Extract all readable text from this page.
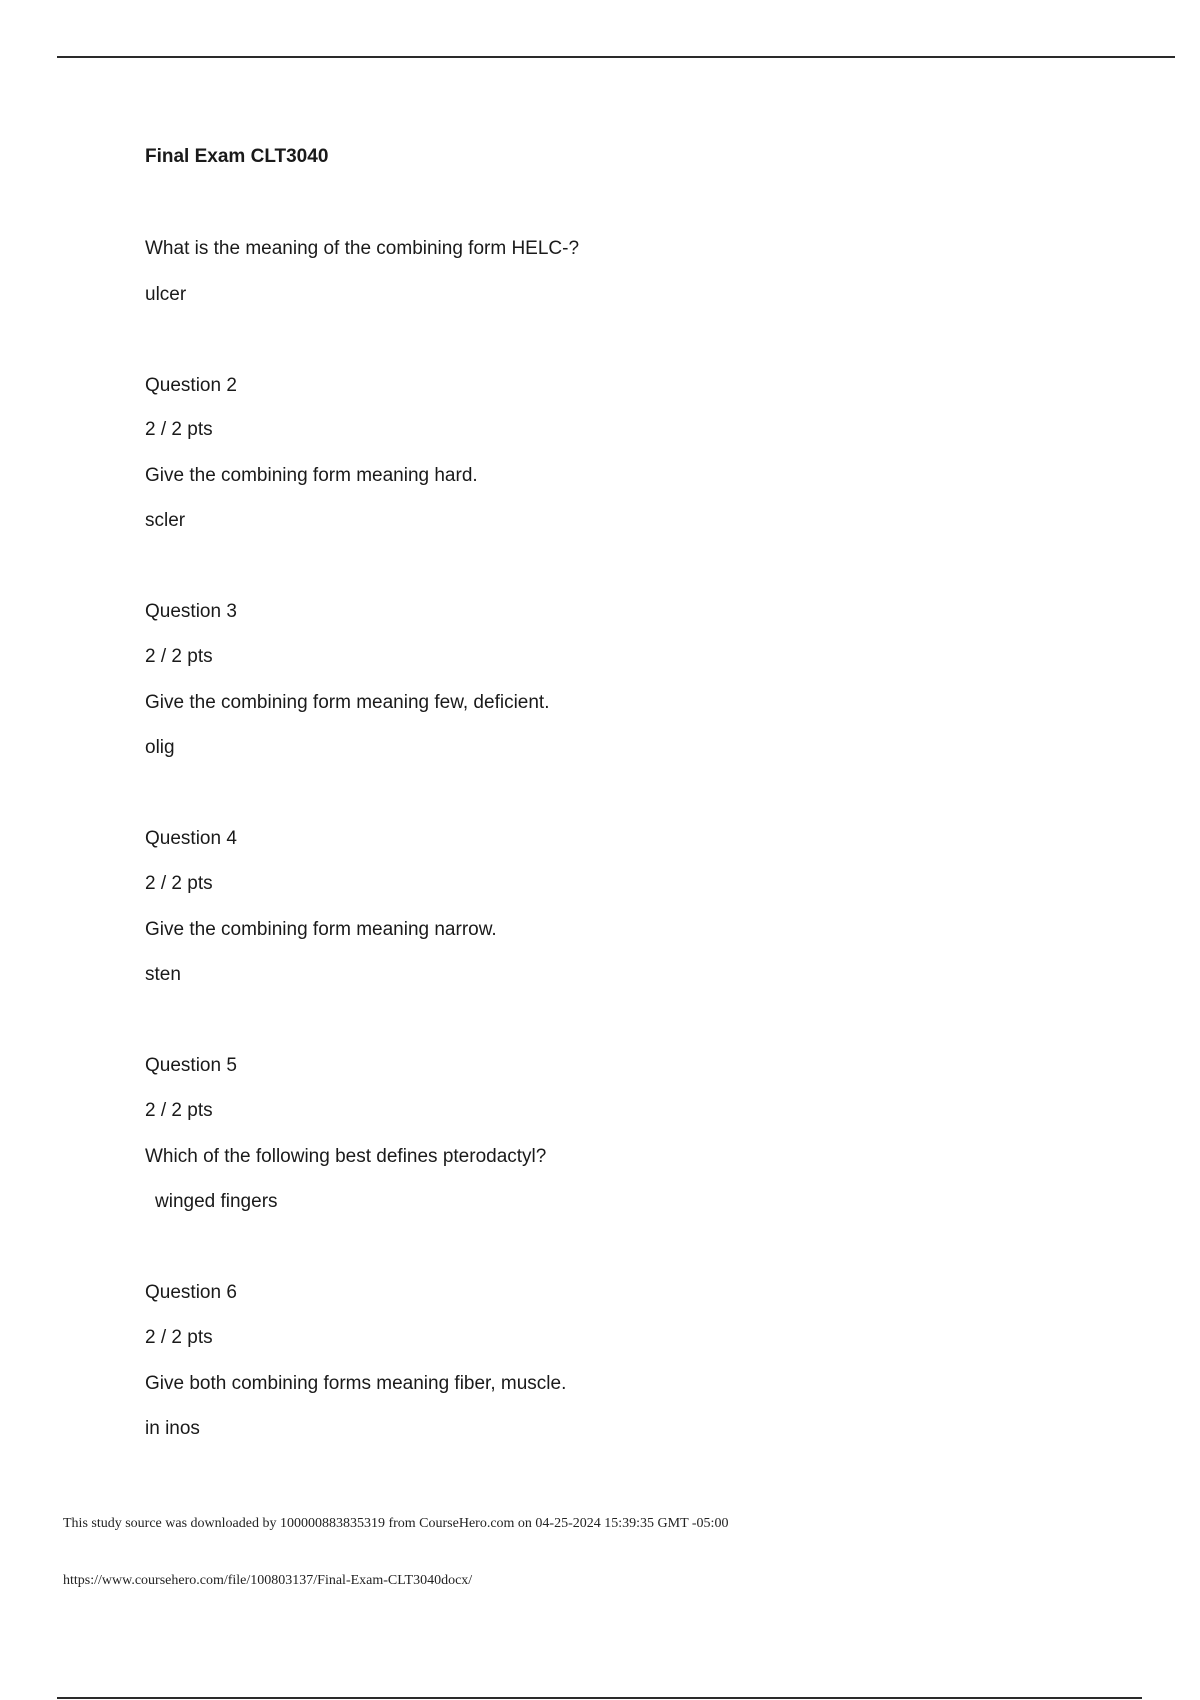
Final Exam CLT3040
What is the meaning of the combining form HELC-?
ulcer
Question 2
2 / 2 pts
Give the combining form meaning hard.
scler
Question 3
2 / 2 pts
Give the combining form meaning few, deficient.
olig
Question 4
2 / 2 pts
Give the combining form meaning narrow.
sten
Question 5
2 / 2 pts
Which of the following best defines pterodactyl?
winged fingers
Question 6
2 / 2 pts
Give both combining forms meaning fiber, muscle.
in inos
This study source was downloaded by 100000883835319 from CourseHero.com on 04-25-2024 15:39:35 GMT -05:00
https://www.coursehero.com/file/100803137/Final-Exam-CLT3040docx/
